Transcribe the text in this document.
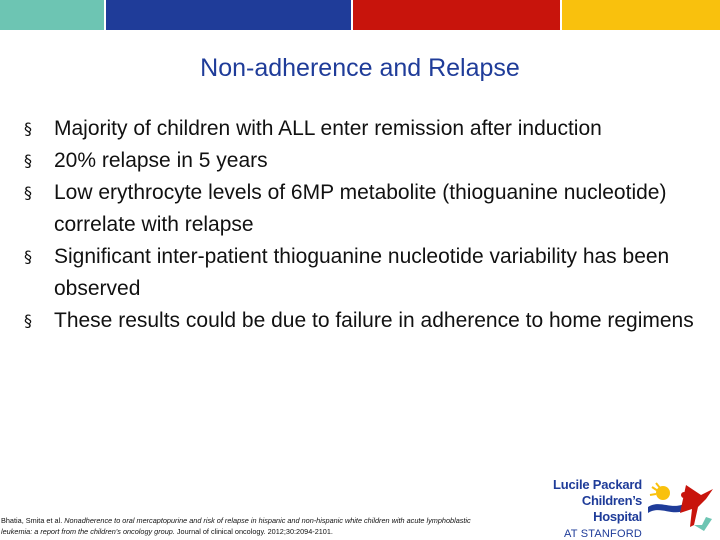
Non-adherence and Relapse
§	Majority of children with ALL enter remission after induction
§	20% relapse in 5 years
§	Low erythrocyte levels of 6MP metabolite (thioguanine nucleotide) correlate with relapse
§	Significant inter-patient thioguanine nucleotide variability has been observed
§	These results could be due to failure in adherence to home regimens
Bhatia, Smita et al. Nonadherence to oral mercaptopurine and risk of relapse in hispanic and non-hispanic white children with acute lymphoblastic leukemia: a report from the children’s oncology group. Journal of clinical oncology. 2012;30:2094-2101.
Lucile Packard
Children’s Hospital
AT STANFORD
